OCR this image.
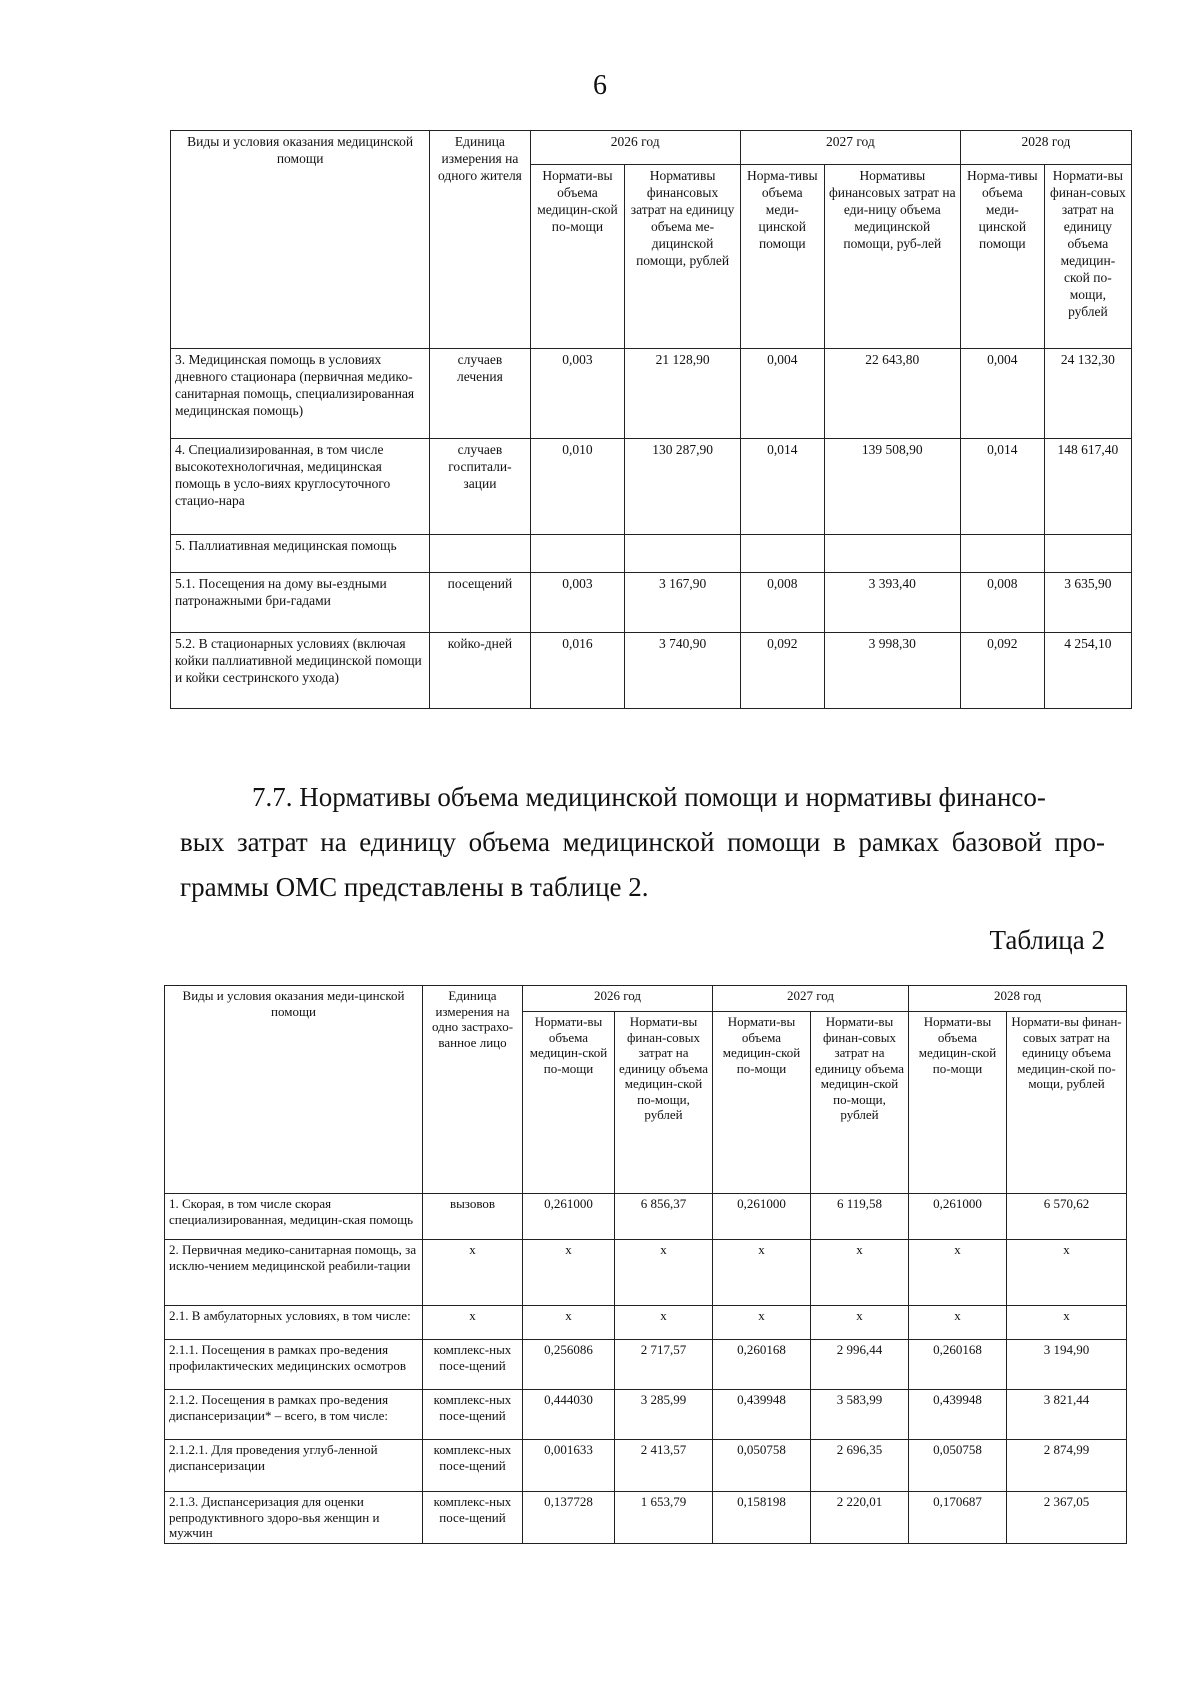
6
Виды и условия оказания медицинской помощи	Единица измерения на одного жителя	2026 год		2027 год		2028 год	
		Нормати-вы объема медицин-ской по-мощи	Нормативы финансовых затрат на единицу объема ме-дицинской помощи, рублей	Норма-тивы объема меди-цинской помощи	Нормативы финансовых затрат на еди-ницу объема медицинской помощи, руб-лей	Норма-тивы объема меди-цинской помощи	Нормати-вы финан-совых затрат на единицу объема медицин-ской по-мощи, рублей
3. Медицинская помощь в условиях дневного стационара (первичная медико-санитарная помощь, специализированная медицинская помощь)	случаев лечения	0,003	21 128,90	0,004	22 643,80	0,004	24 132,30
4. Специализированная, в том числе высокотехнологичная, медицинская помощь в усло-виях круглосуточного стацио-нара	случаев госпитали-зации	0,010	130 287,90	0,014	139 508,90	0,014	148 617,40
5. Паллиативная медицинская помощь							
5.1. Посещения на дому вы-ездными патронажными бри-гадами	посещений	0,003	3 167,90	0,008	3 393,40	0,008	3 635,90
5.2. В стационарных условиях (включая койки паллиативной медицинской помощи и койки сестринского ухода)	койко-дней	0,016	3 740,90	0,092	3 998,30	0,092	4 254,10
7.7. Нормативы объема медицинской помощи и нормативы финансо-
вых затрат на единицу объема медицинской помощи в рамках базовой про-граммы ОМС представлены в таблице 2.
Таблица 2
Виды и условия оказания меди-цинской помощи	Единица измерения на одно застрахо-ванное лицо	2026 год		2027 год		2028 год	
		Нормати-вы объема медицин-ской по-мощи	Нормати-вы финан-совых затрат на единицу объема медицин-ской по-мощи, рублей	Нормати-вы объема медицин-ской по-мощи	Нормати-вы финан-совых затрат на единицу объема медицин-ской по-мощи, рублей	Нормати-вы объема медицин-ской по-мощи	Нормати-вы финан-совых затрат на единицу объема медицин-ской по-мощи, рублей
1. Скорая, в том числе скорая специализированная, медицин-ская помощь	вызовов	0,261000	6 856,37	0,261000	6 119,58	0,261000	6 570,62
2. Первичная медико-санитарная помощь, за исклю-чением медицинской реабили-тации	х	х	х	х	х	х	х
2.1. В амбулаторных условиях, в том числе:	х	х	х	х	х	х	х
2.1.1. Посещения в рамках про-ведения профилактических медицинских осмотров	комплекс-ных посе-щений	0,256086	2 717,57	0,260168	2 996,44	0,260168	3 194,90
2.1.2. Посещения в рамках про-ведения диспансеризации* – всего, в том числе:	комплекс-ных посе-щений	0,444030	3 285,99	0,439948	3 583,99	0,439948	3 821,44
2.1.2.1. Для проведения углуб-ленной диспансеризации	комплекс-ных посе-щений	0,001633	2 413,57	0,050758	2 696,35	0,050758	2 874,99
2.1.3. Диспансеризация для оценки репродуктивного здоро-вья женщин и мужчин	комплекс-ных посе-щений	0,137728	1 653,79	0,158198	2 220,01	0,170687	2 367,05
